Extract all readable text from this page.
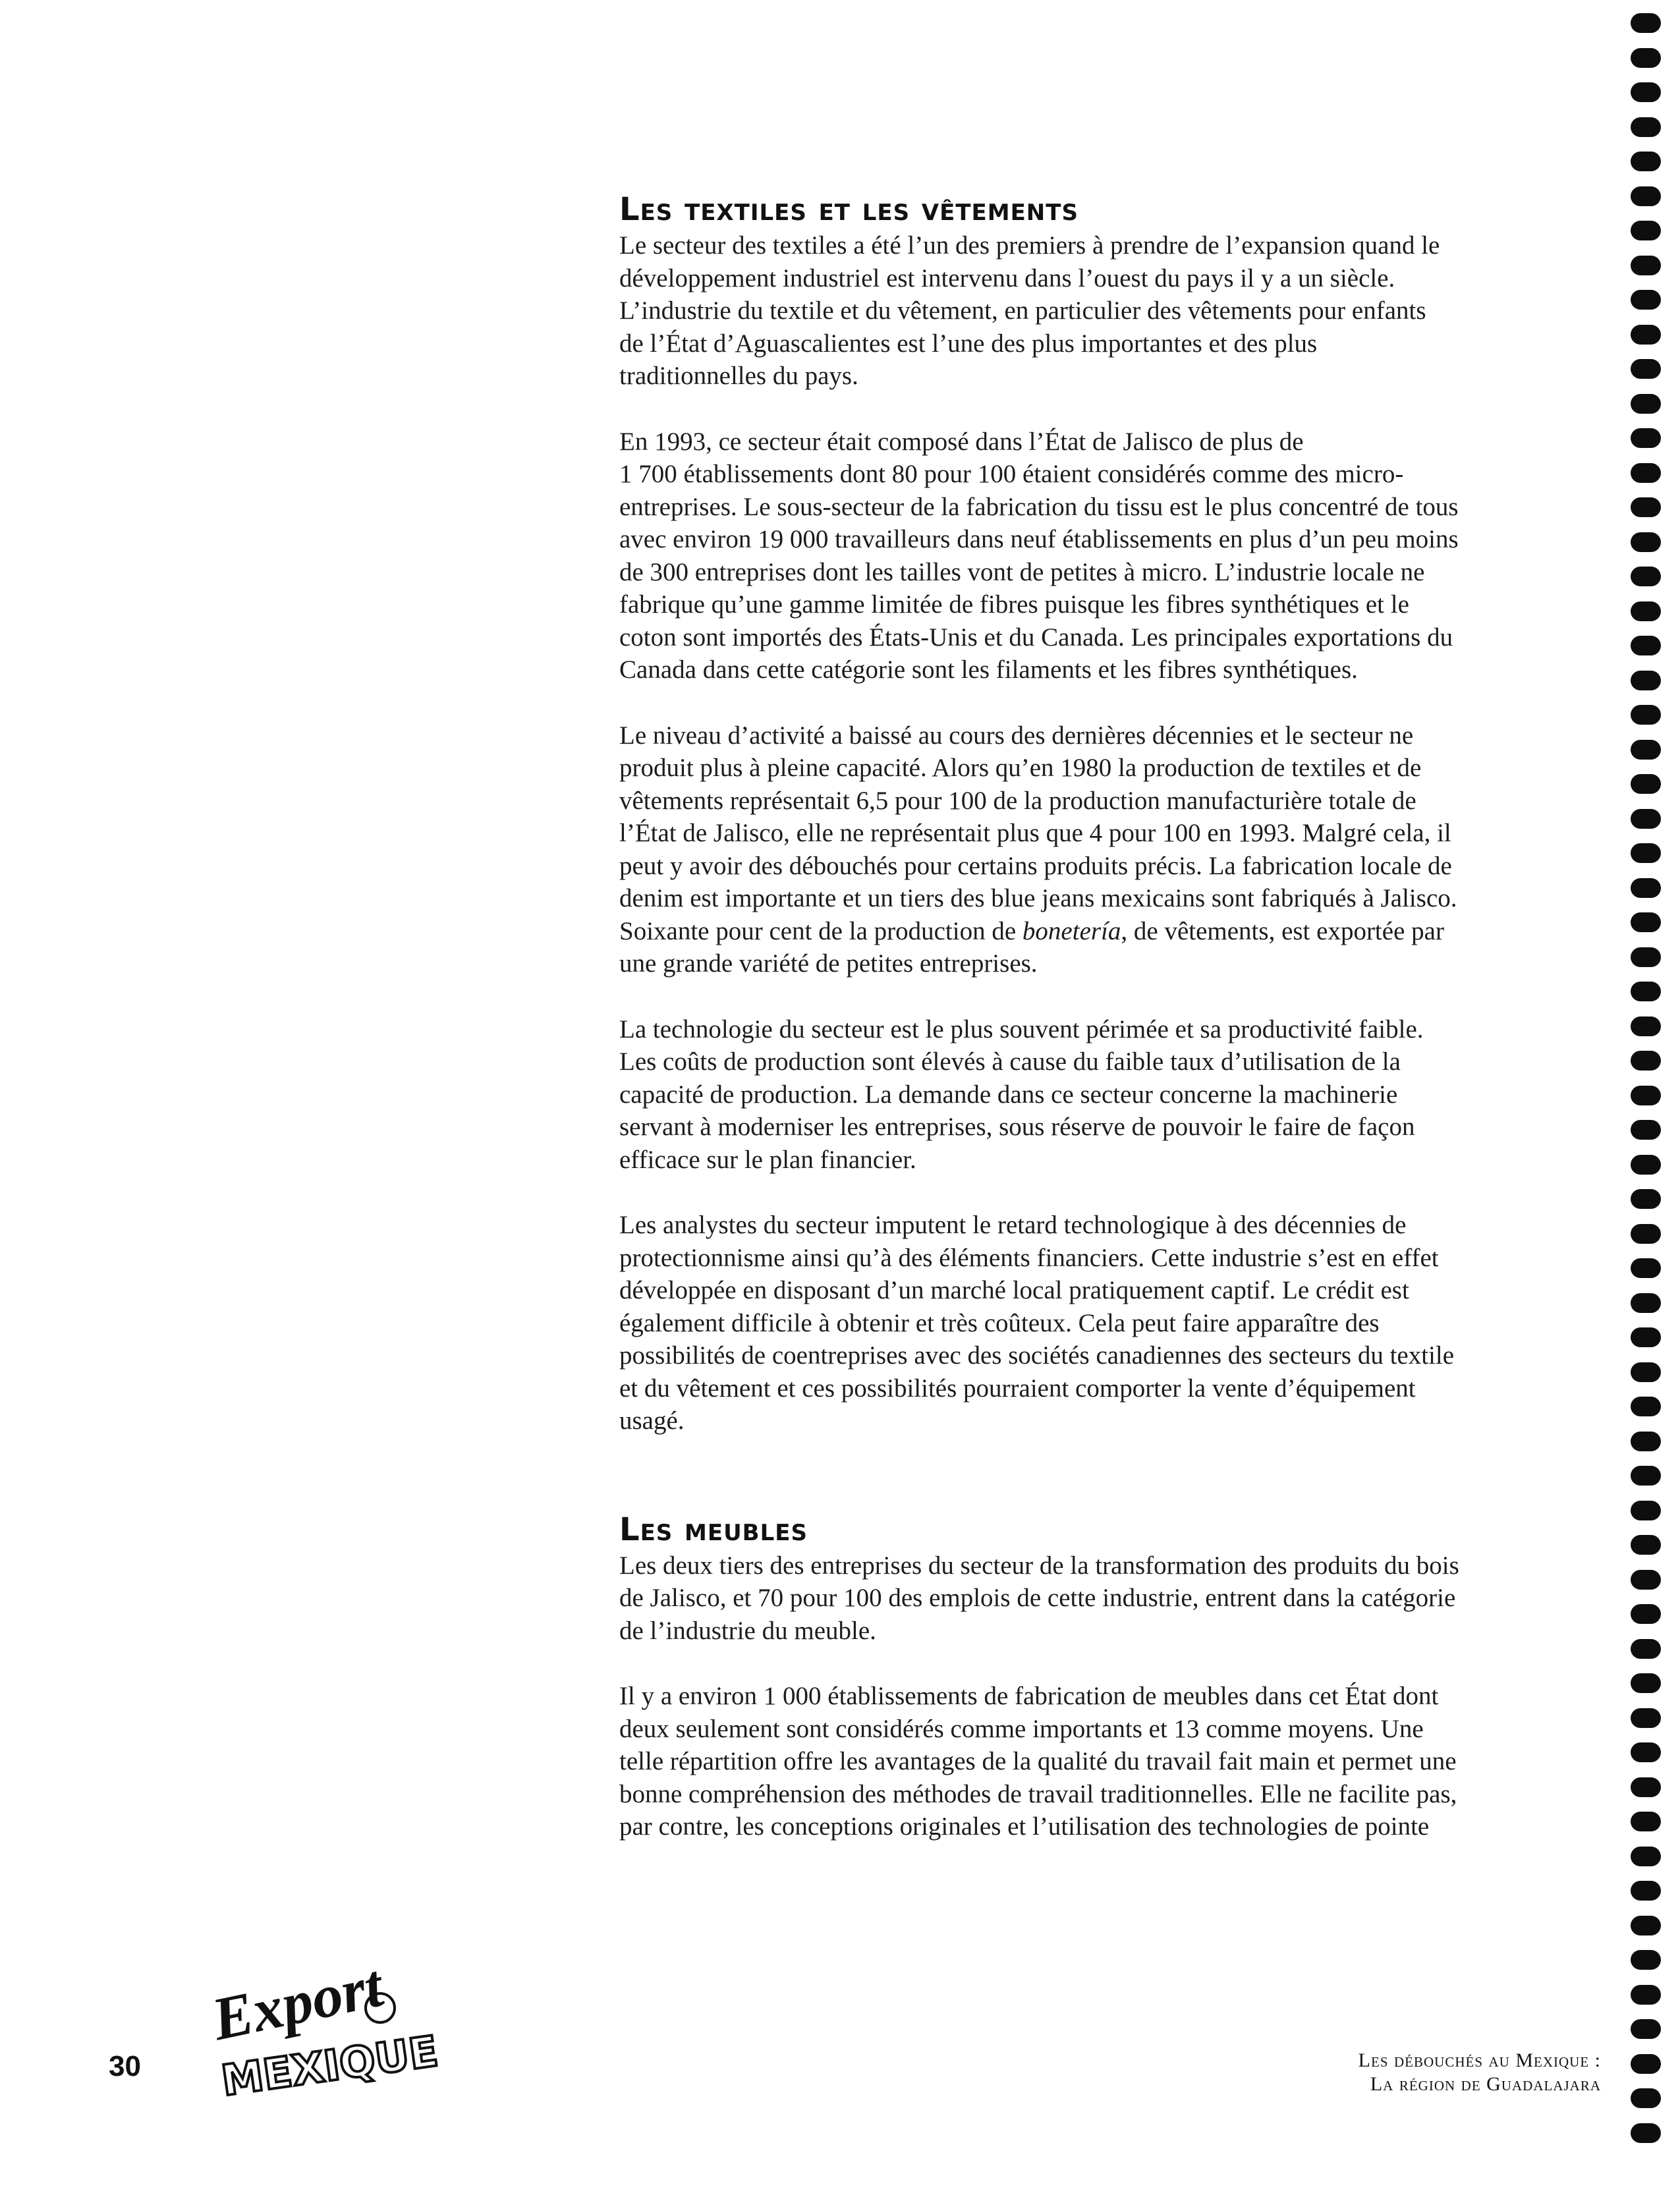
Les textiles et les vêtements

Le secteur des textiles a été l’un des premiers à prendre de l’expansion quand le
développement industriel est intervenu dans l’ouest du pays il y a un siècle.
L’industrie du textile et du vêtement, en particulier des vêtements pour enfants
de l’État d’Aguascalientes est l’une des plus importantes et des plus
traditionnelles du pays.

En 1993, ce secteur était composé dans l’État de Jalisco de plus de
1 700 établissements dont 80 pour 100 étaient considérés comme des micro-
entreprises. Le sous-secteur de la fabrication du tissu est le plus concentré de tous
avec environ 19 000 travailleurs dans neuf établissements en plus d’un peu moins
de 300 entreprises dont les tailles vont de petites à micro. L’industrie locale ne
fabrique qu’une gamme limitée de fibres puisque les fibres synthétiques et le
coton sont importés des États-Unis et du Canada. Les principales exportations du
Canada dans cette catégorie sont les filaments et les fibres synthétiques.

Le niveau d’activité a baissé au cours des dernières décennies et le secteur ne
produit plus à pleine capacité. Alors qu’en 1980 la production de textiles et de
vêtements représentait 6,5 pour 100 de la production manufacturière totale de
l’État de Jalisco, elle ne représentait plus que 4 pour 100 en 1993. Malgré cela, il
peut y avoir des débouchés pour certains produits précis. La fabrication locale de
denim est importante et un tiers des blue jeans mexicains sont fabriqués à Jalisco.
Soixante pour cent de la production de bonetería, de vêtements, est exportée par
une grande variété de petites entreprises.

La technologie du secteur est le plus souvent périmée et sa productivité faible.
Les coûts de production sont élevés à cause du faible taux d’utilisation de la
capacité de production. La demande dans ce secteur concerne la machinerie
servant à moderniser les entreprises, sous réserve de pouvoir le faire de façon
efficace sur le plan financier.

Les analystes du secteur imputent le retard technologique à des décennies de
protectionnisme ainsi qu’à des éléments financiers. Cette industrie s’est en effet
développée en disposant d’un marché local pratiquement captif. Le crédit est
également difficile à obtenir et très coûteux. Cela peut faire apparaître des
possibilités de coentreprises avec des sociétés canadiennes des secteurs du textile
et du vêtement et ces possibilités pourraient comporter la vente d’équipement
usagé.

Les meubles

Les deux tiers des entreprises du secteur de la transformation des produits du bois
de Jalisco, et 70 pour 100 des emplois de cette industrie, entrent dans la catégorie
de l’industrie du meuble.

Il y a environ 1 000 établissements de fabrication de meubles dans cet État dont
deux seulement sont considérés comme importants et 13 comme moyens. Une
telle répartition offre les avantages de la qualité du travail fait main et permet une
bonne compréhension des méthodes de travail traditionnelles. Elle ne facilite pas,
par contre, les conceptions originales et l’utilisation des technologies de pointe

30
Export
MEXIQUE	Les débouchés au Mexique :
La région de Guadalajara
